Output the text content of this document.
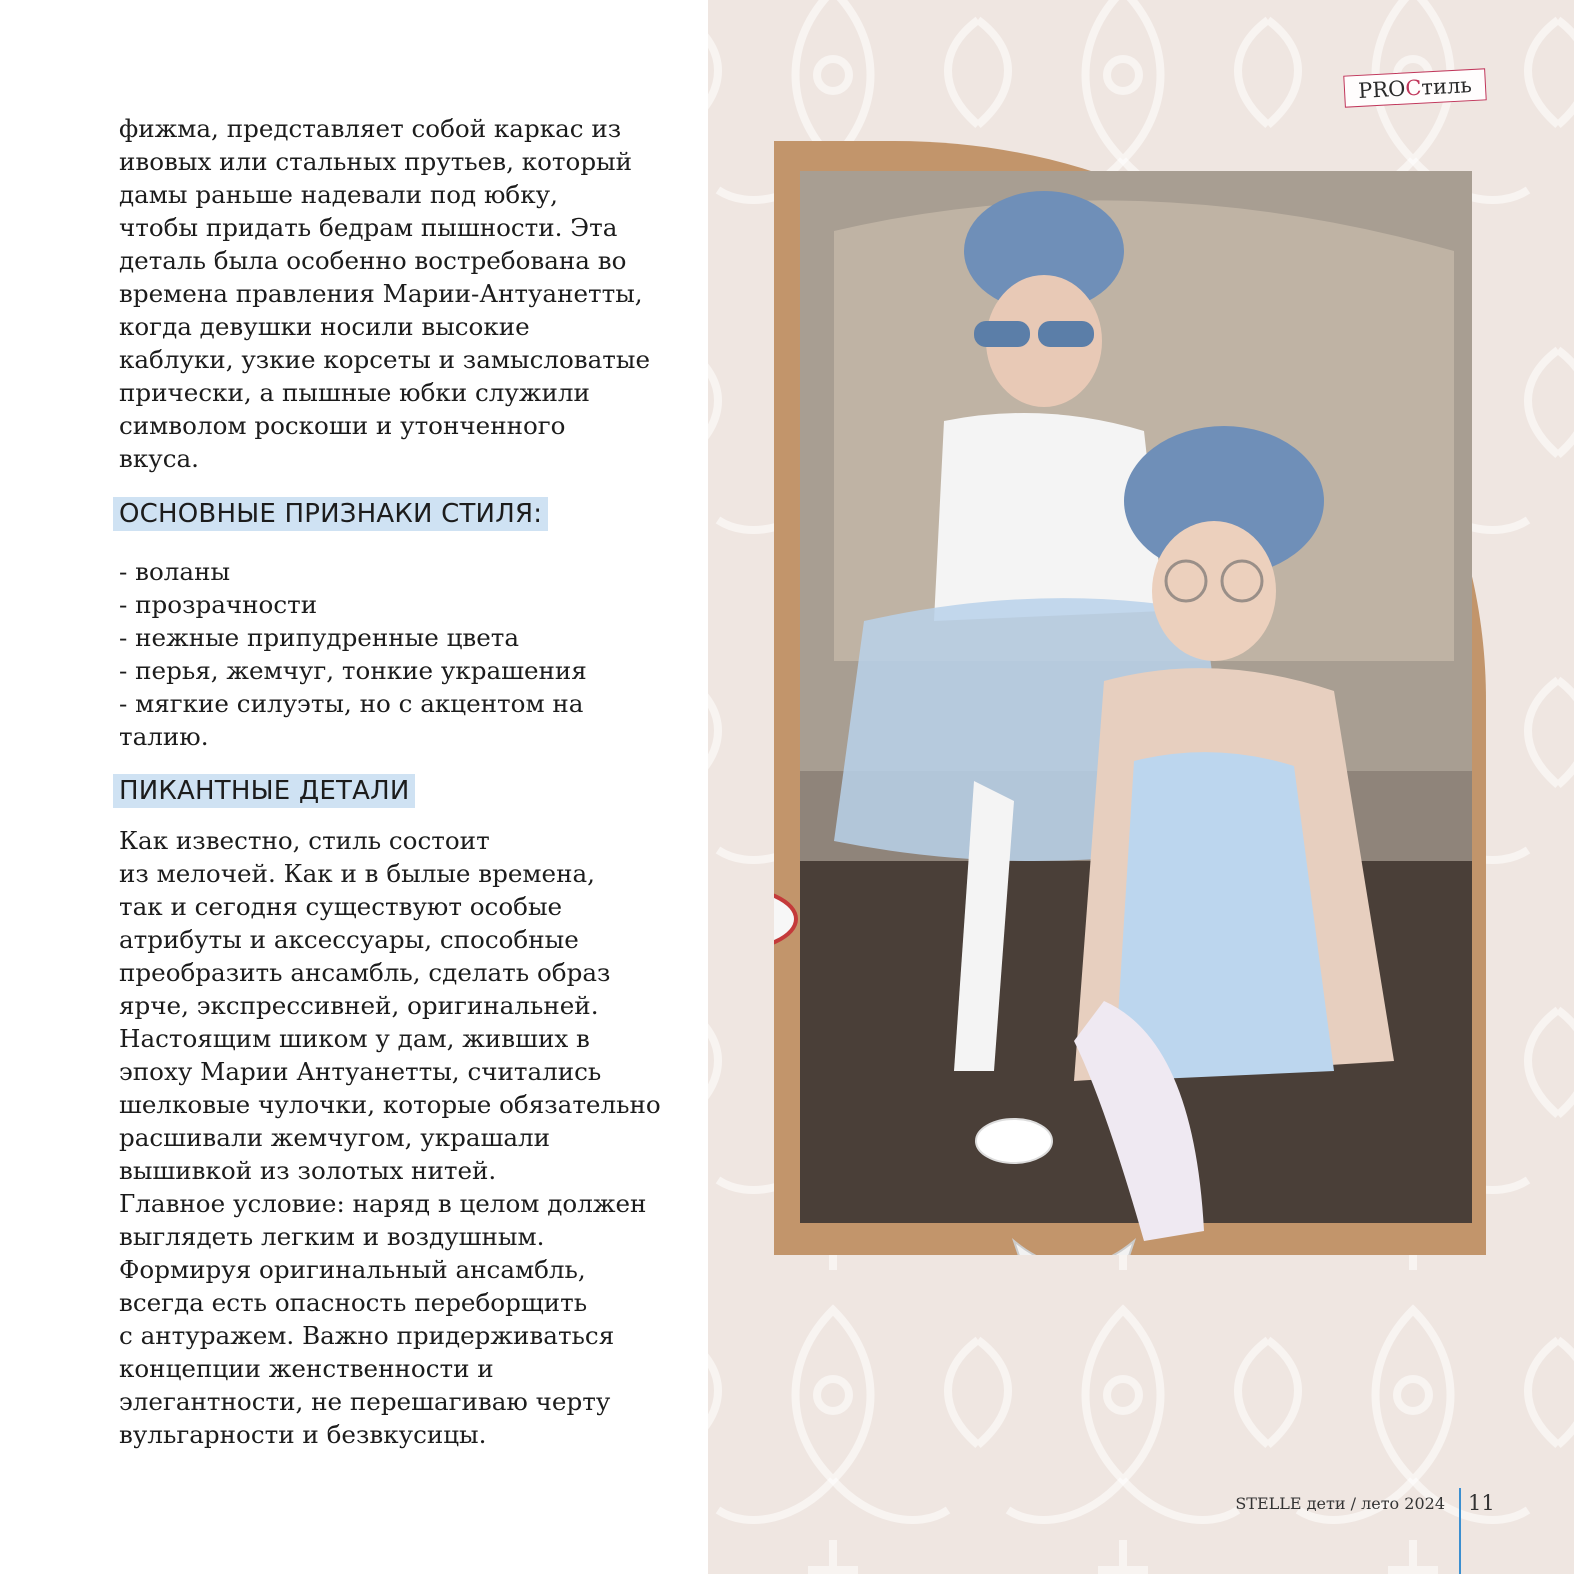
фижма, представляет собой каркас из
ивовых или стальных прутьев, который
дамы раньше надевали под юбку,
чтобы придать бедрам пышности. Эта
деталь была особенно востребована во
времена правления Марии-Антуанетты,
когда девушки носили высокие
каблуки, узкие корсеты и замысловатые
прически, а пышные юбки служили
символом роскоши и утонченного
вкуса.
ОСНОВНЫЕ ПРИЗНАКИ СТИЛЯ:
- воланы
- прозрачности
- нежные припудренные цвета
- перья, жемчуг, тонкие украшения
- мягкие силуэты, но с акцентом на
талию.
ПИКАНТНЫЕ ДЕТАЛИ
Как известно, стиль состоит
из мелочей. Как и в былые времена,
так и сегодня существуют особые
атрибуты и аксессуары, способные
преобразить ансамбль, сделать образ
ярче, экспрессивней, оригинальней.
Настоящим шиком у дам, живших в
эпоху Марии Антуанетты, считались
шелковые чулочки, которые обязательно
расшивали жемчугом, украшали
вышивкой из золотых нитей.
Главное условие: наряд в целом должен
выглядеть легким и воздушным.
Формируя оригинальный ансамбль,
всегда есть опасность переборщить
с антуражем. Важно придерживаться
концепции женственности и
элегантности, не перешагиваю черту
вульгарности и безвкусицы.
PROCтиль
STELLE дети / лето 2024 11
